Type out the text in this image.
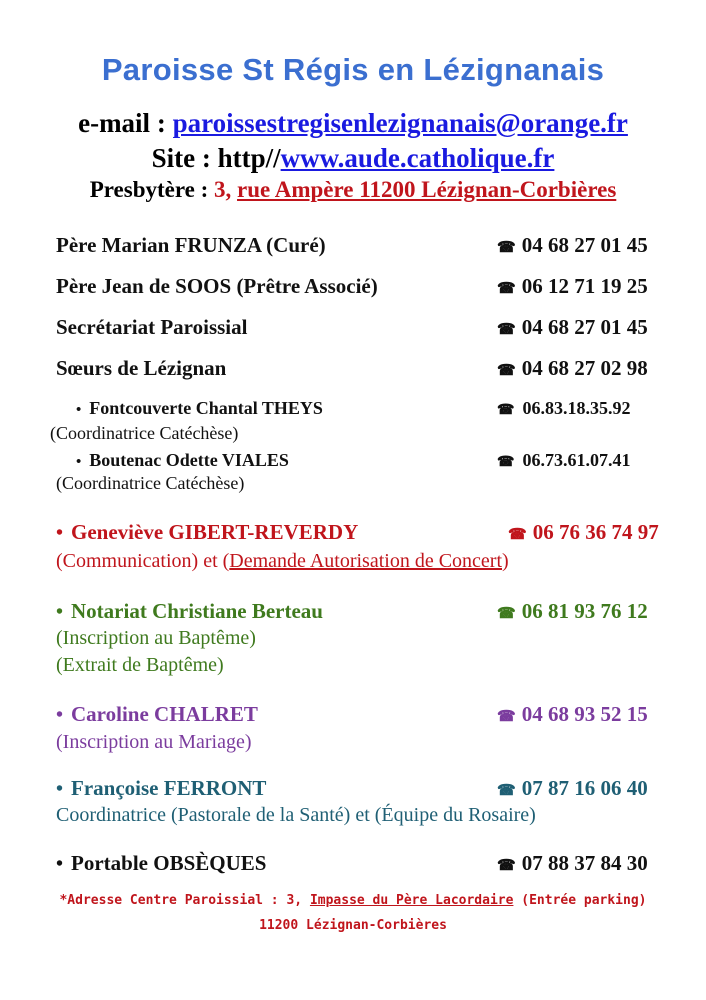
Paroisse St Régis en Lézignanais
e-mail : paroissestregisenlezignanais@orange.fr
Site : http//www.aude.catholique.fr
Presbytère : 3, rue Ampère 11200 Lézignan-Corbières
Père Marian FRUNZA (Curé)	☎ 04 68 27 01 45
Père Jean de SOOS (Prêtre Associé)	☎ 06 12 71 19 25
Secrétariat Paroissial	☎ 04 68 27 01 45
Sœurs de Lézignan	☎ 04 68 27 02 98
• Fontcouverte Chantal THEYS	☎ 06.83.18.35.92
(Coordinatrice Catéchèse)
• Boutenac Odette VIALES	☎ 06.73.61.07.41
(Coordinatrice Catéchèse)
• Geneviève GIBERT-REVERDY	☎ 06 76 36 74 97
(Communication) et (Demande Autorisation de Concert)
• Notariat Christiane Berteau	☎ 06 81 93 76 12
(Inscription au Baptême)
(Extrait de Baptême)
• Caroline CHALRET	☎ 04 68 93 52 15
(Inscription au Mariage)
• Françoise FERRONT	☎ 07 87 16 06 40
Coordinatrice (Pastorale de la Santé) et (Équipe du Rosaire)
• Portable OBSÈQUES	☎ 07 88 37 84 30
*Adresse Centre Paroissial : 3, Impasse du Père Lacordaire (Entrée parking)
11200 Lézignan-Corbières
